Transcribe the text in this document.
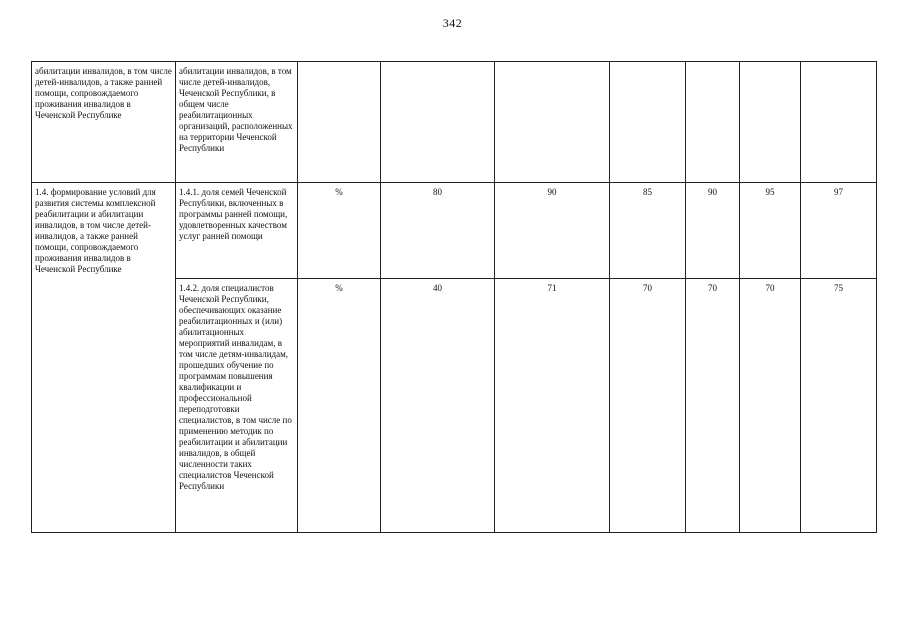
342
абилитации инвалидов, в том числе детей-инвалидов, а также ранней помощи, сопровождаемого проживания инвалидов в Чеченской Республике	абилитации инвалидов, в том числе детей-инвалидов, Чеченской Республики, в общем числе реабилитационных организаций, расположенных на территории Чеченской Республики							
1.4. формирование условий для развития системы комплексной реабилитации и абилитации инвалидов, в том числе детей-инвалидов, а также ранней помощи, сопровождаемого проживания инвалидов в Чеченской Республике	1.4.1. доля семей Чеченской Республики, включенных в программы ранней помощи, удовлетворенных качеством услуг ранней помощи	%	80	90	85	90	95	97
	1.4.2. доля специалистов Чеченской Республики, обеспечивающих оказание реабилитационных и (или) абилитационных мероприятий инвалидам, в том числе детям-инвалидам, прошедших обучение по программам повышения квалификации и профессиональной переподготовки специалистов, в том числе по применению методик по реабилитации и абилитации инвалидов, в общей численности таких специалистов Чеченской Республики	%	40	71	70	70	70	75
